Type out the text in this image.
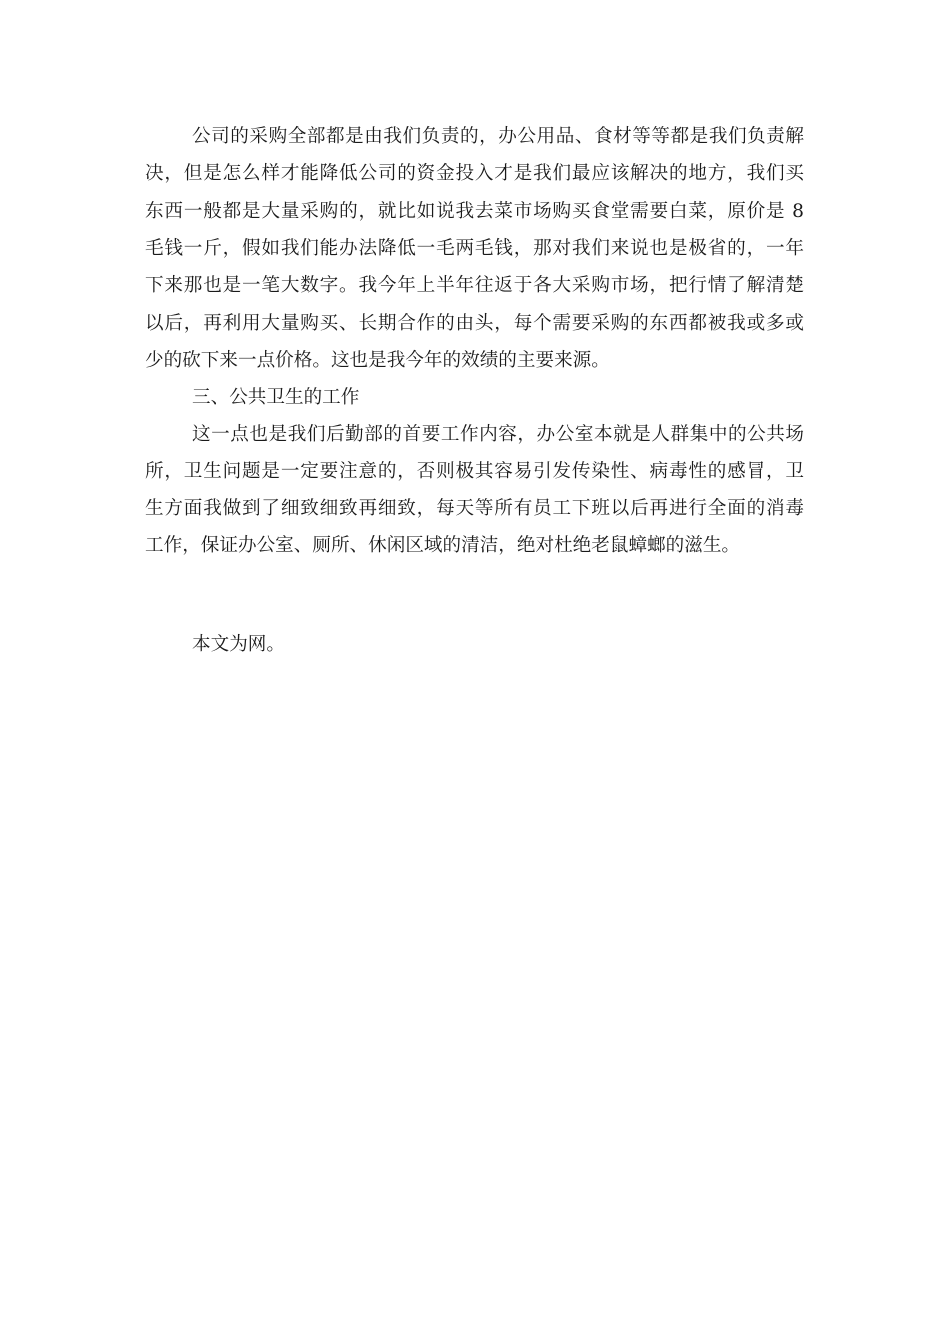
公司的采购全部都是由我们负责的，办公用品、食材等等都是我们负责解

决，但是怎么样才能降低公司的资金投入才是我们最应该解决的地方，我们买

东西一般都是大量采购的，就比如说我去菜市场购买食堂需要白菜，原价是 8

毛钱一斤，假如我们能办法降低一毛两毛钱，那对我们来说也是极省的，一年

下来那也是一笔大数字。我今年上半年往返于各大采购市场，把行情了解清楚

以后，再利用大量购买、长期合作的由头，每个需要采购的东西都被我或多或

少的砍下来一点价格。这也是我今年的效绩的主要来源。

三、公共卫生的工作

这一点也是我们后勤部的首要工作内容，办公室本就是人群集中的公共场

所，卫生问题是一定要注意的，否则极其容易引发传染性、病毒性的感冒，卫

生方面我做到了细致细致再细致，每天等所有员工下班以后再进行全面的消毒

工作，保证办公室、厕所、休闲区域的清洁，绝对杜绝老鼠蟑螂的滋生。

本文为网。
